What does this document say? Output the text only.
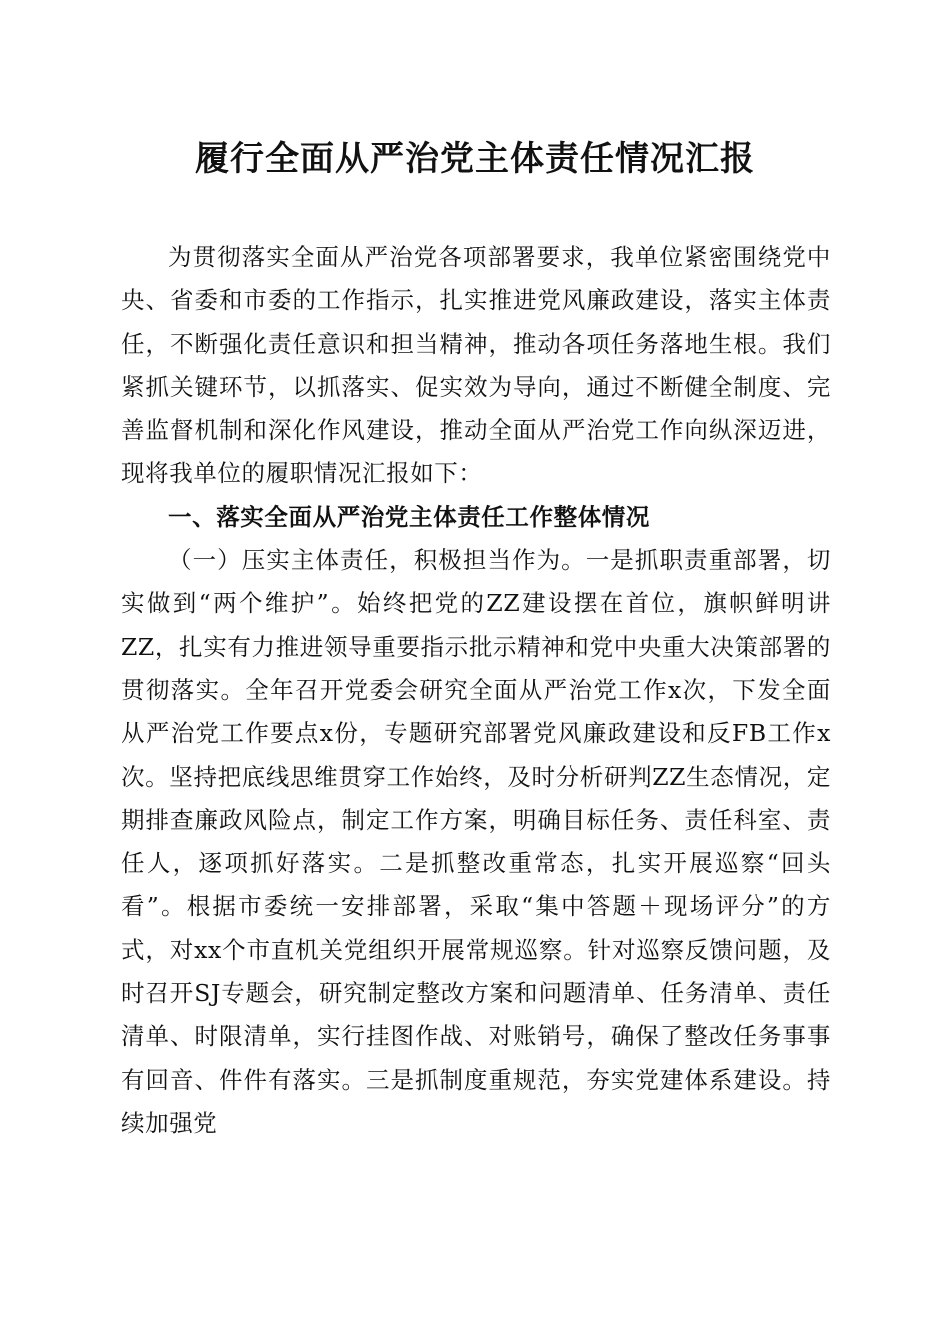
履行全面从严治党主体责任情况汇报

为贯彻落实全面从严治党各项部署要求，我单位紧密围绕党中央、省委和市委的工作指示，扎实推进党风廉政建设，落实主体责任，不断强化责任意识和担当精神，推动各项任务落地生根。我们紧抓关键环节，以抓落实、促实效为导向，通过不断健全制度、完善监督机制和深化作风建设，推动全面从严治党工作向纵深迈进，现将我单位的履职情况汇报如下：

一、落实全面从严治党主体责任工作整体情况

（一）压实主体责任，积极担当作为。一是抓职责重部署，切实做到“两个维护”。始终把党的ZZ建设摆在首位，旗帜鲜明讲ZZ，扎实有力推进领导重要指示批示精神和党中央重大决策部署的贯彻落实。全年召开党委会研究全面从严治党工作x次，下发全面从严治党工作要点x份，专题研究部署党风廉政建设和反FB工作x次。坚持把底线思维贯穿工作始终，及时分析研判ZZ生态情况，定期排查廉政风险点，制定工作方案，明确目标任务、责任科室、责任人，逐项抓好落实。二是抓整改重常态，扎实开展巡察“回头看”。根据市委统一安排部署，采取“集中答题＋现场评分”的方式，对xx个市直机关党组织开展常规巡察。针对巡察反馈问题，及时召开SJ专题会，研究制定整改方案和问题清单、任务清单、责任清单、时限清单，实行挂图作战、对账销号，确保了整改任务事事有回音、件件有落实。三是抓制度重规范，夯实党建体系建设。持续加强党
